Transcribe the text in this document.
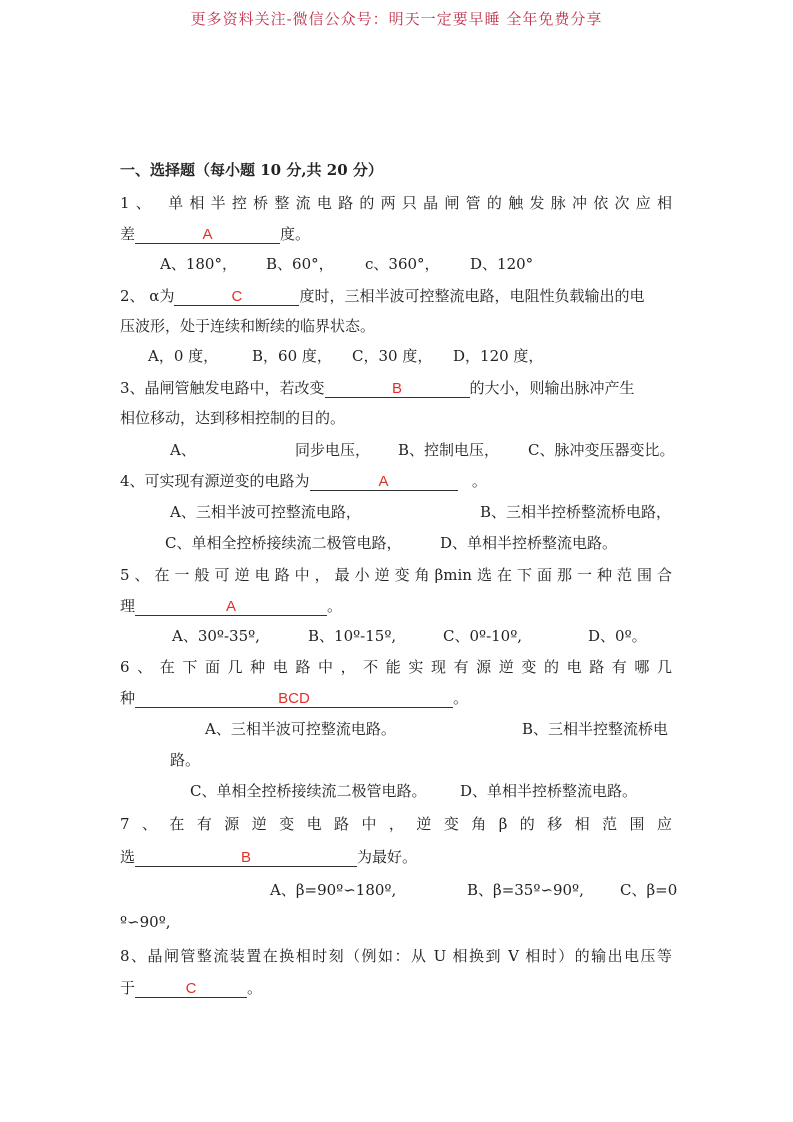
更多资料关注-微信公众号：明天一定要早睡 全年免费分享
一、选择题（每小题 10 分,共 20 分）
1、 单相半控桥整流电路的两只晶闸管的触发脉冲依次应相
差	A	度。
A、180°， B、60°， c、360°， D、120°
2、 α为	C	度时，三相半波可控整流电路，电阻性负载输出的电
压波形，处于连续和断续的临界状态。
A，0 度， B，60 度， C，30 度， D，120 度，
3、晶闸管触发电路中，若改变	B	的大小，则输出脉冲产生
相位移动，达到移相控制的目的。
A、	同步电压， B、控制电压， C、脉冲变压器变比。
4、可实现有源逆变的电路为	A	。
A、三相半波可控整流电路，	B、三相半控桥整流桥电路，
C、单相全控桥接续流二极管电路，	D、单相半控桥整流电路。
5、在一般可逆电路中，最小逆变角βmin选在下面那一种范围合
理	A	。
A、30º-35º,	B、10º-15º,	C、0º-10º,	D、0º。
6、在下面几种电路中，不能实现有源逆变的电路有哪几
种	BCD	。
A、三相半波可控整流电路。	B、三相半控整流桥电
路。
C、单相全控桥接续流二极管电路。 D、单相半控桥整流电路。
7、在有源逆变电路中，逆变角β的移相范围应
选	B	为最好。
A、β=90º∽180º,	B、β=35º∽90º, C、β=0
º∽90º,
8、晶闸管整流装置在换相时刻（例如：从 U 相换到 V 相时）的输出电压等
于	C	。
